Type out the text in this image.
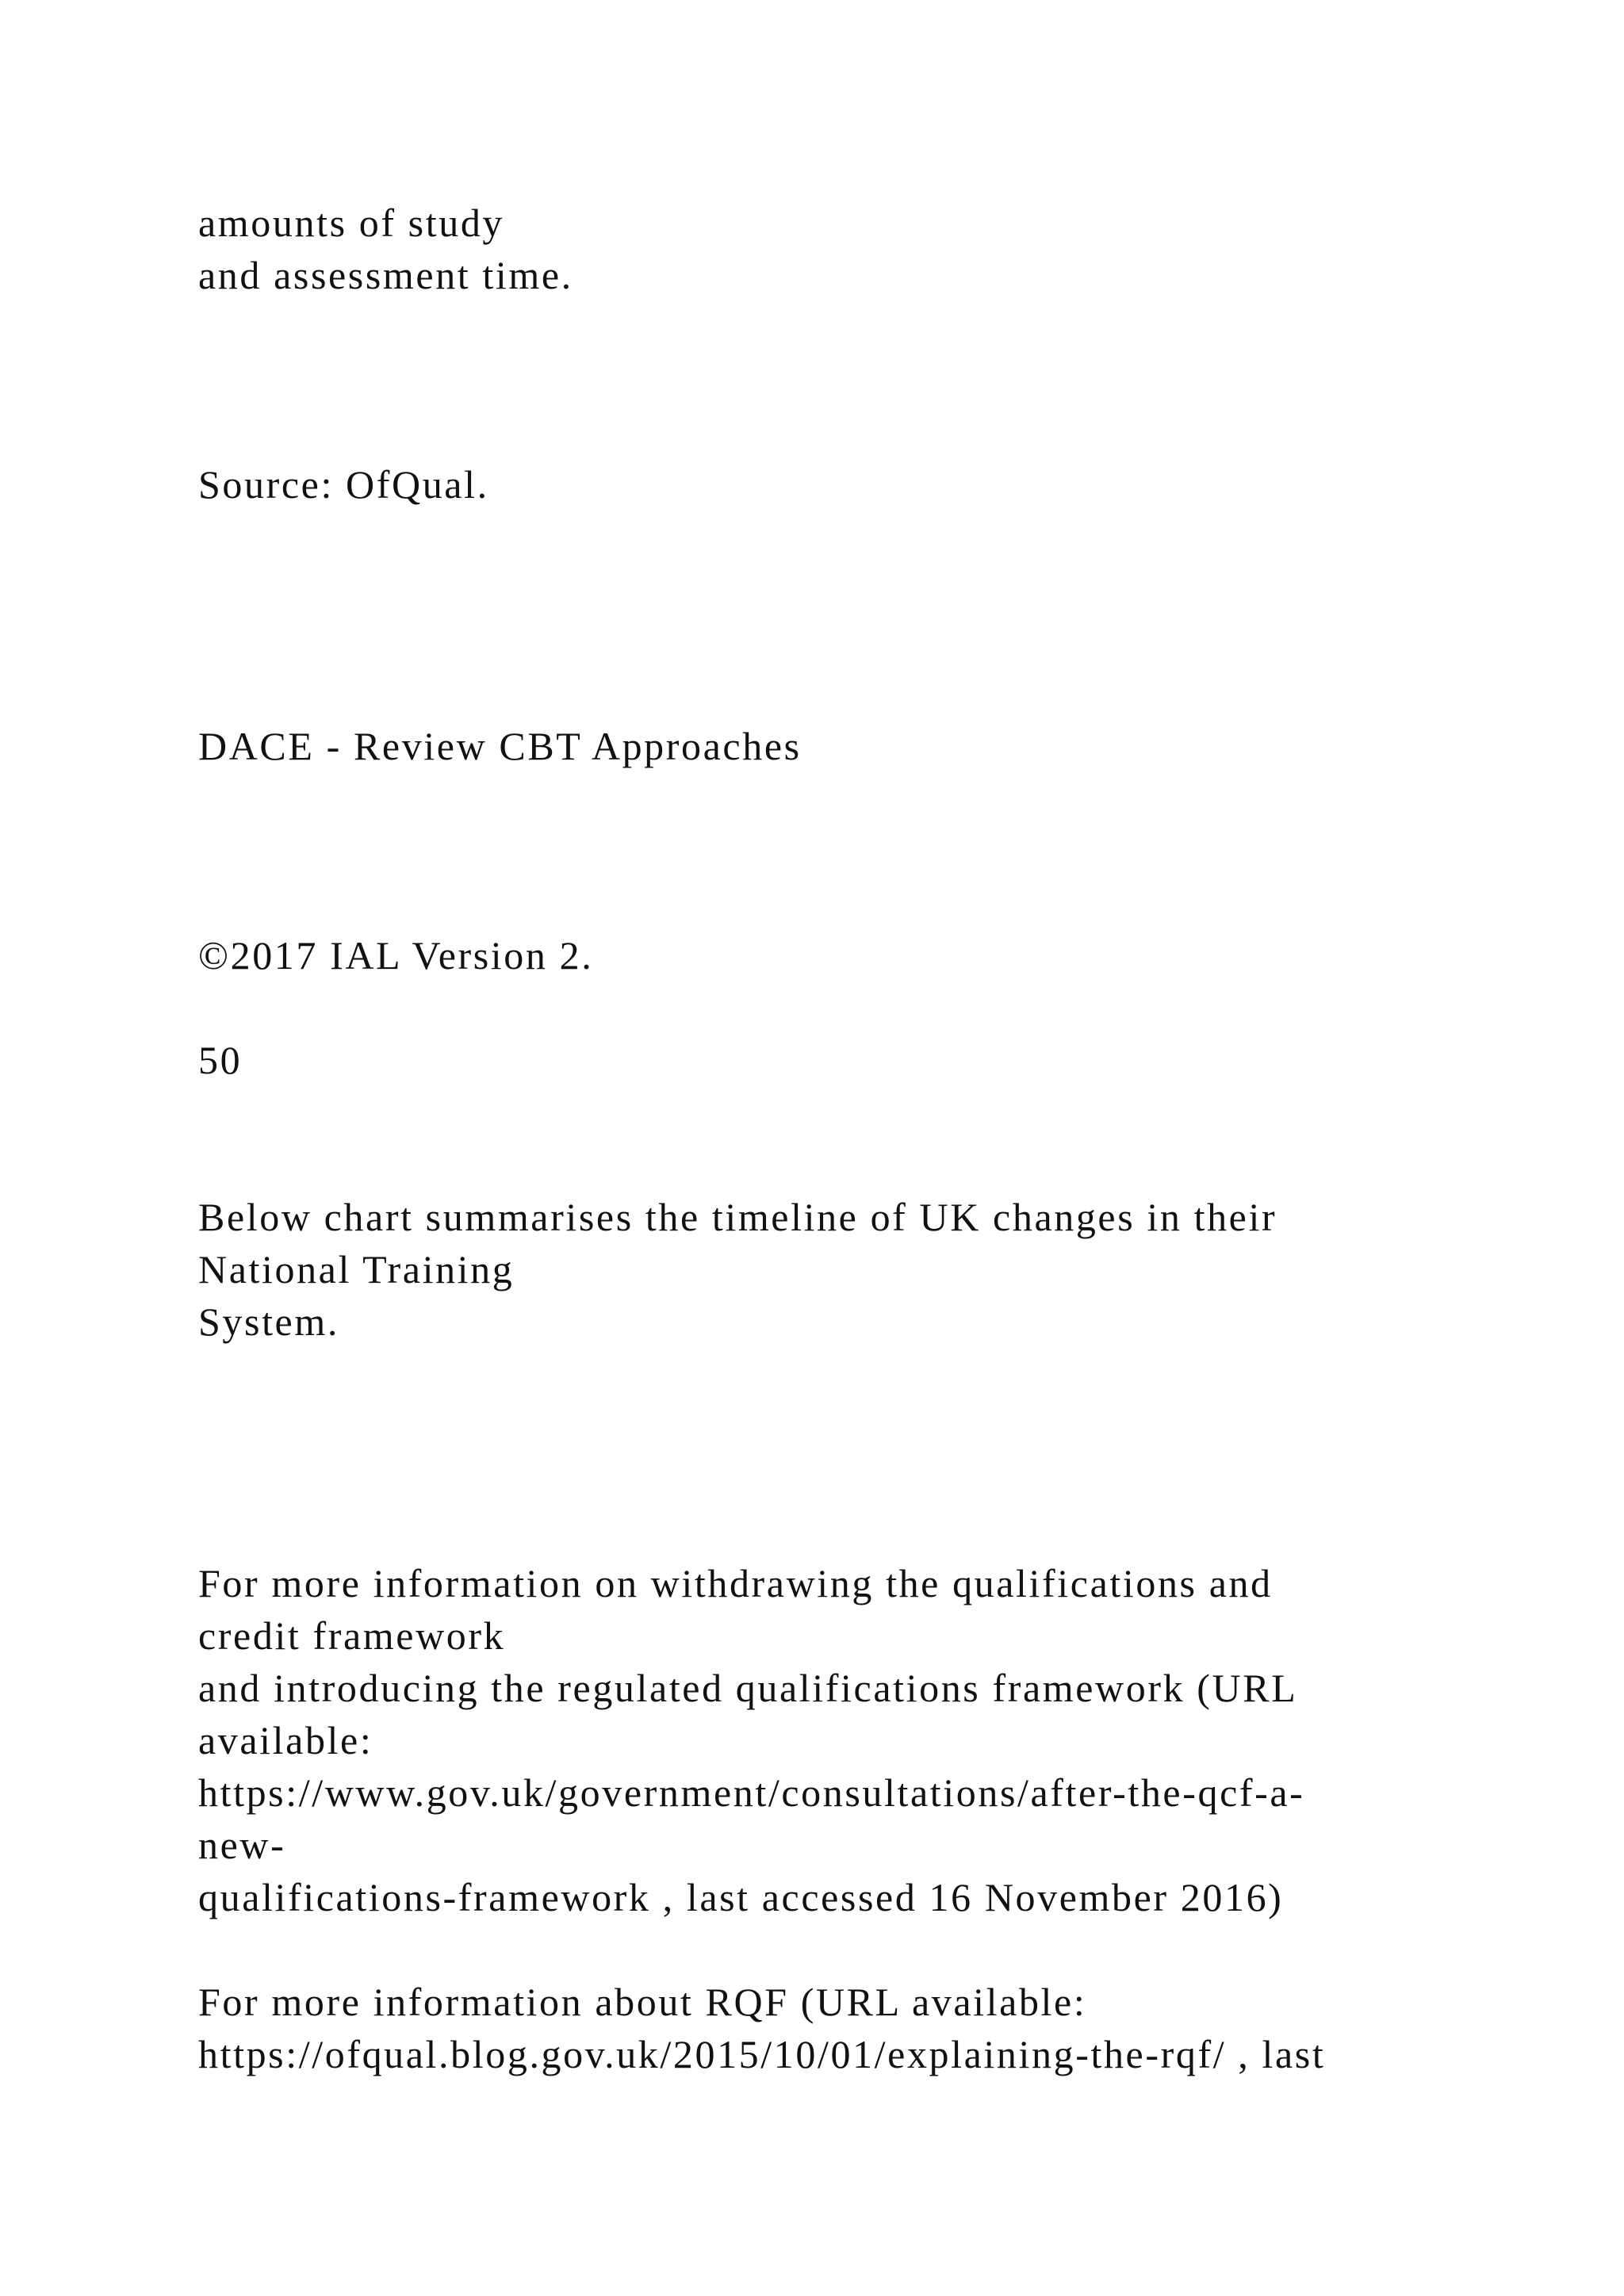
amounts of study

and assessment time.

Source: OfQual.

DACE - Review CBT Approaches

©2017 IAL Version 2.

50

Below chart summarises the timeline of UK changes in their

National Training

System.

For more information on withdrawing the qualifications and

credit framework

and introducing the regulated qualifications framework (URL

available:

https://www.gov.uk/government/consultations/after-the-qcf-a-

new-

qualifications-framework , last accessed 16 November 2016)

For more information about RQF (URL available:

https://ofqual.blog.gov.uk/2015/10/01/explaining-the-rqf/ , last
